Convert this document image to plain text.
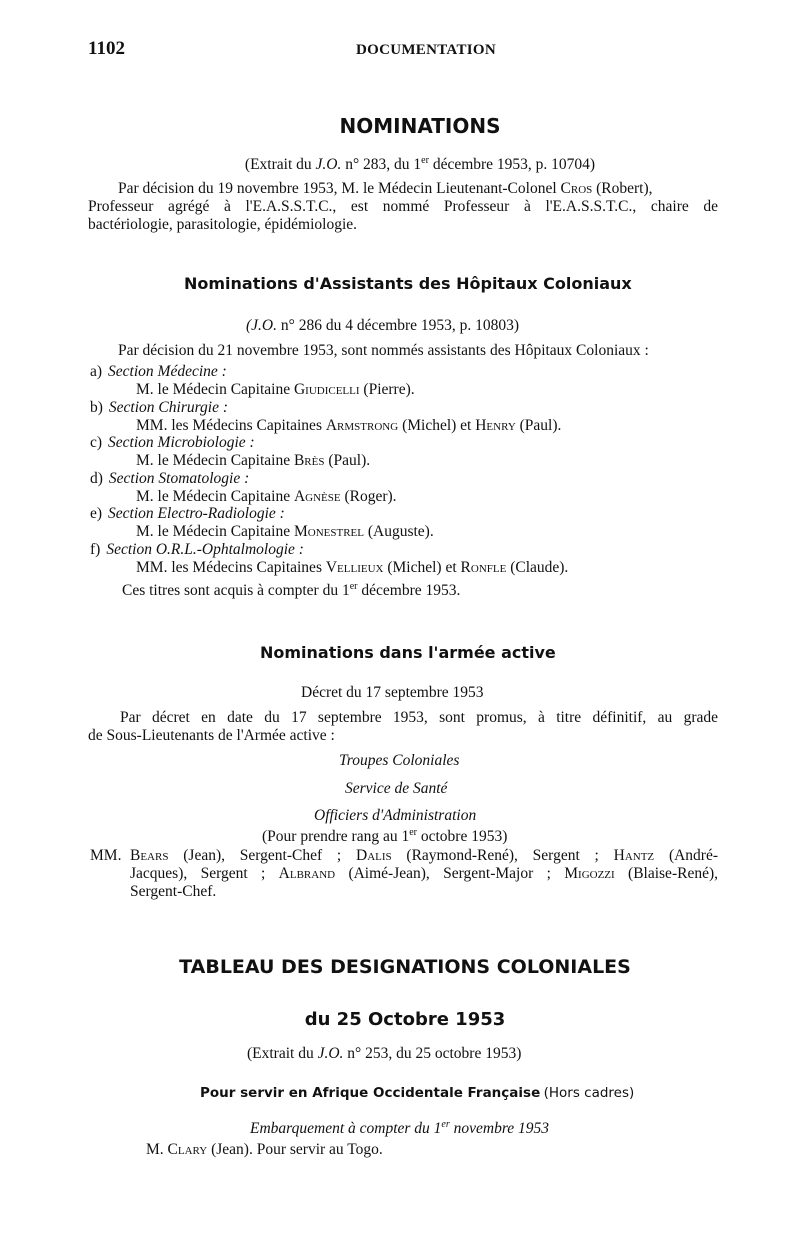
1102	DOCUMENTATION
NOMINATIONS
(Extrait du J.O. n° 283, du 1er décembre 1953, p. 10704)
Par décision du 19 novembre 1953, M. le Médecin Lieutenant-Colonel Cros (Robert),
Professeur agrégé à l'E.A.S.S.T.C., est nommé Professeur à l'E.A.S.S.T.C., chaire de
bactériologie, parasitologie, épidémiologie.
Nominations d'Assistants des Hôpitaux Coloniaux
(J.O. n° 286 du 4 décembre 1953, p. 10803)
Par décision du 21 novembre 1953, sont nommés assistants des Hôpitaux Coloniaux :
a) Section Médecine :
M. le Médecin Capitaine Giudicelli (Pierre).
b) Section Chirurgie :
MM. les Médecins Capitaines Armstrong (Michel) et Henry (Paul).
c) Section Microbiologie :
M. le Médecin Capitaine Brès (Paul).
d) Section Stomatologie :
M. le Médecin Capitaine Agnèse (Roger).
e) Section Electro-Radiologie :
M. le Médecin Capitaine Monestrel (Auguste).
f) Section O.R.L.-Ophtalmologie :
MM. les Médecins Capitaines Vellieux (Michel) et Ronfle (Claude).
Ces titres sont acquis à compter du 1er décembre 1953.
Nominations dans l'armée active
Décret du 17 septembre 1953
Par décret en date du 17 septembre 1953, sont promus, à titre définitif, au grade
de Sous-Lieutenants de l'Armée active :
Troupes Coloniales
Service de Santé
Officiers d'Administration
(Pour prendre rang au 1er octobre 1953)
MM. Bears (Jean), Sergent-Chef ; Dalis (Raymond-René), Sergent ; Hantz (André-
Jacques), Sergent ; Albrand (Aimé-Jean), Sergent-Major ; Migozzi (Blaise-René),
Sergent-Chef.
TABLEAU DES DESIGNATIONS COLONIALES
du 25 Octobre 1953
(Extrait du J.O. n° 253, du 25 octobre 1953)
Pour servir en Afrique Occidentale Française (Hors cadres)
Embarquement à compter du 1er novembre 1953
M. Clary (Jean). Pour servir au Togo.
